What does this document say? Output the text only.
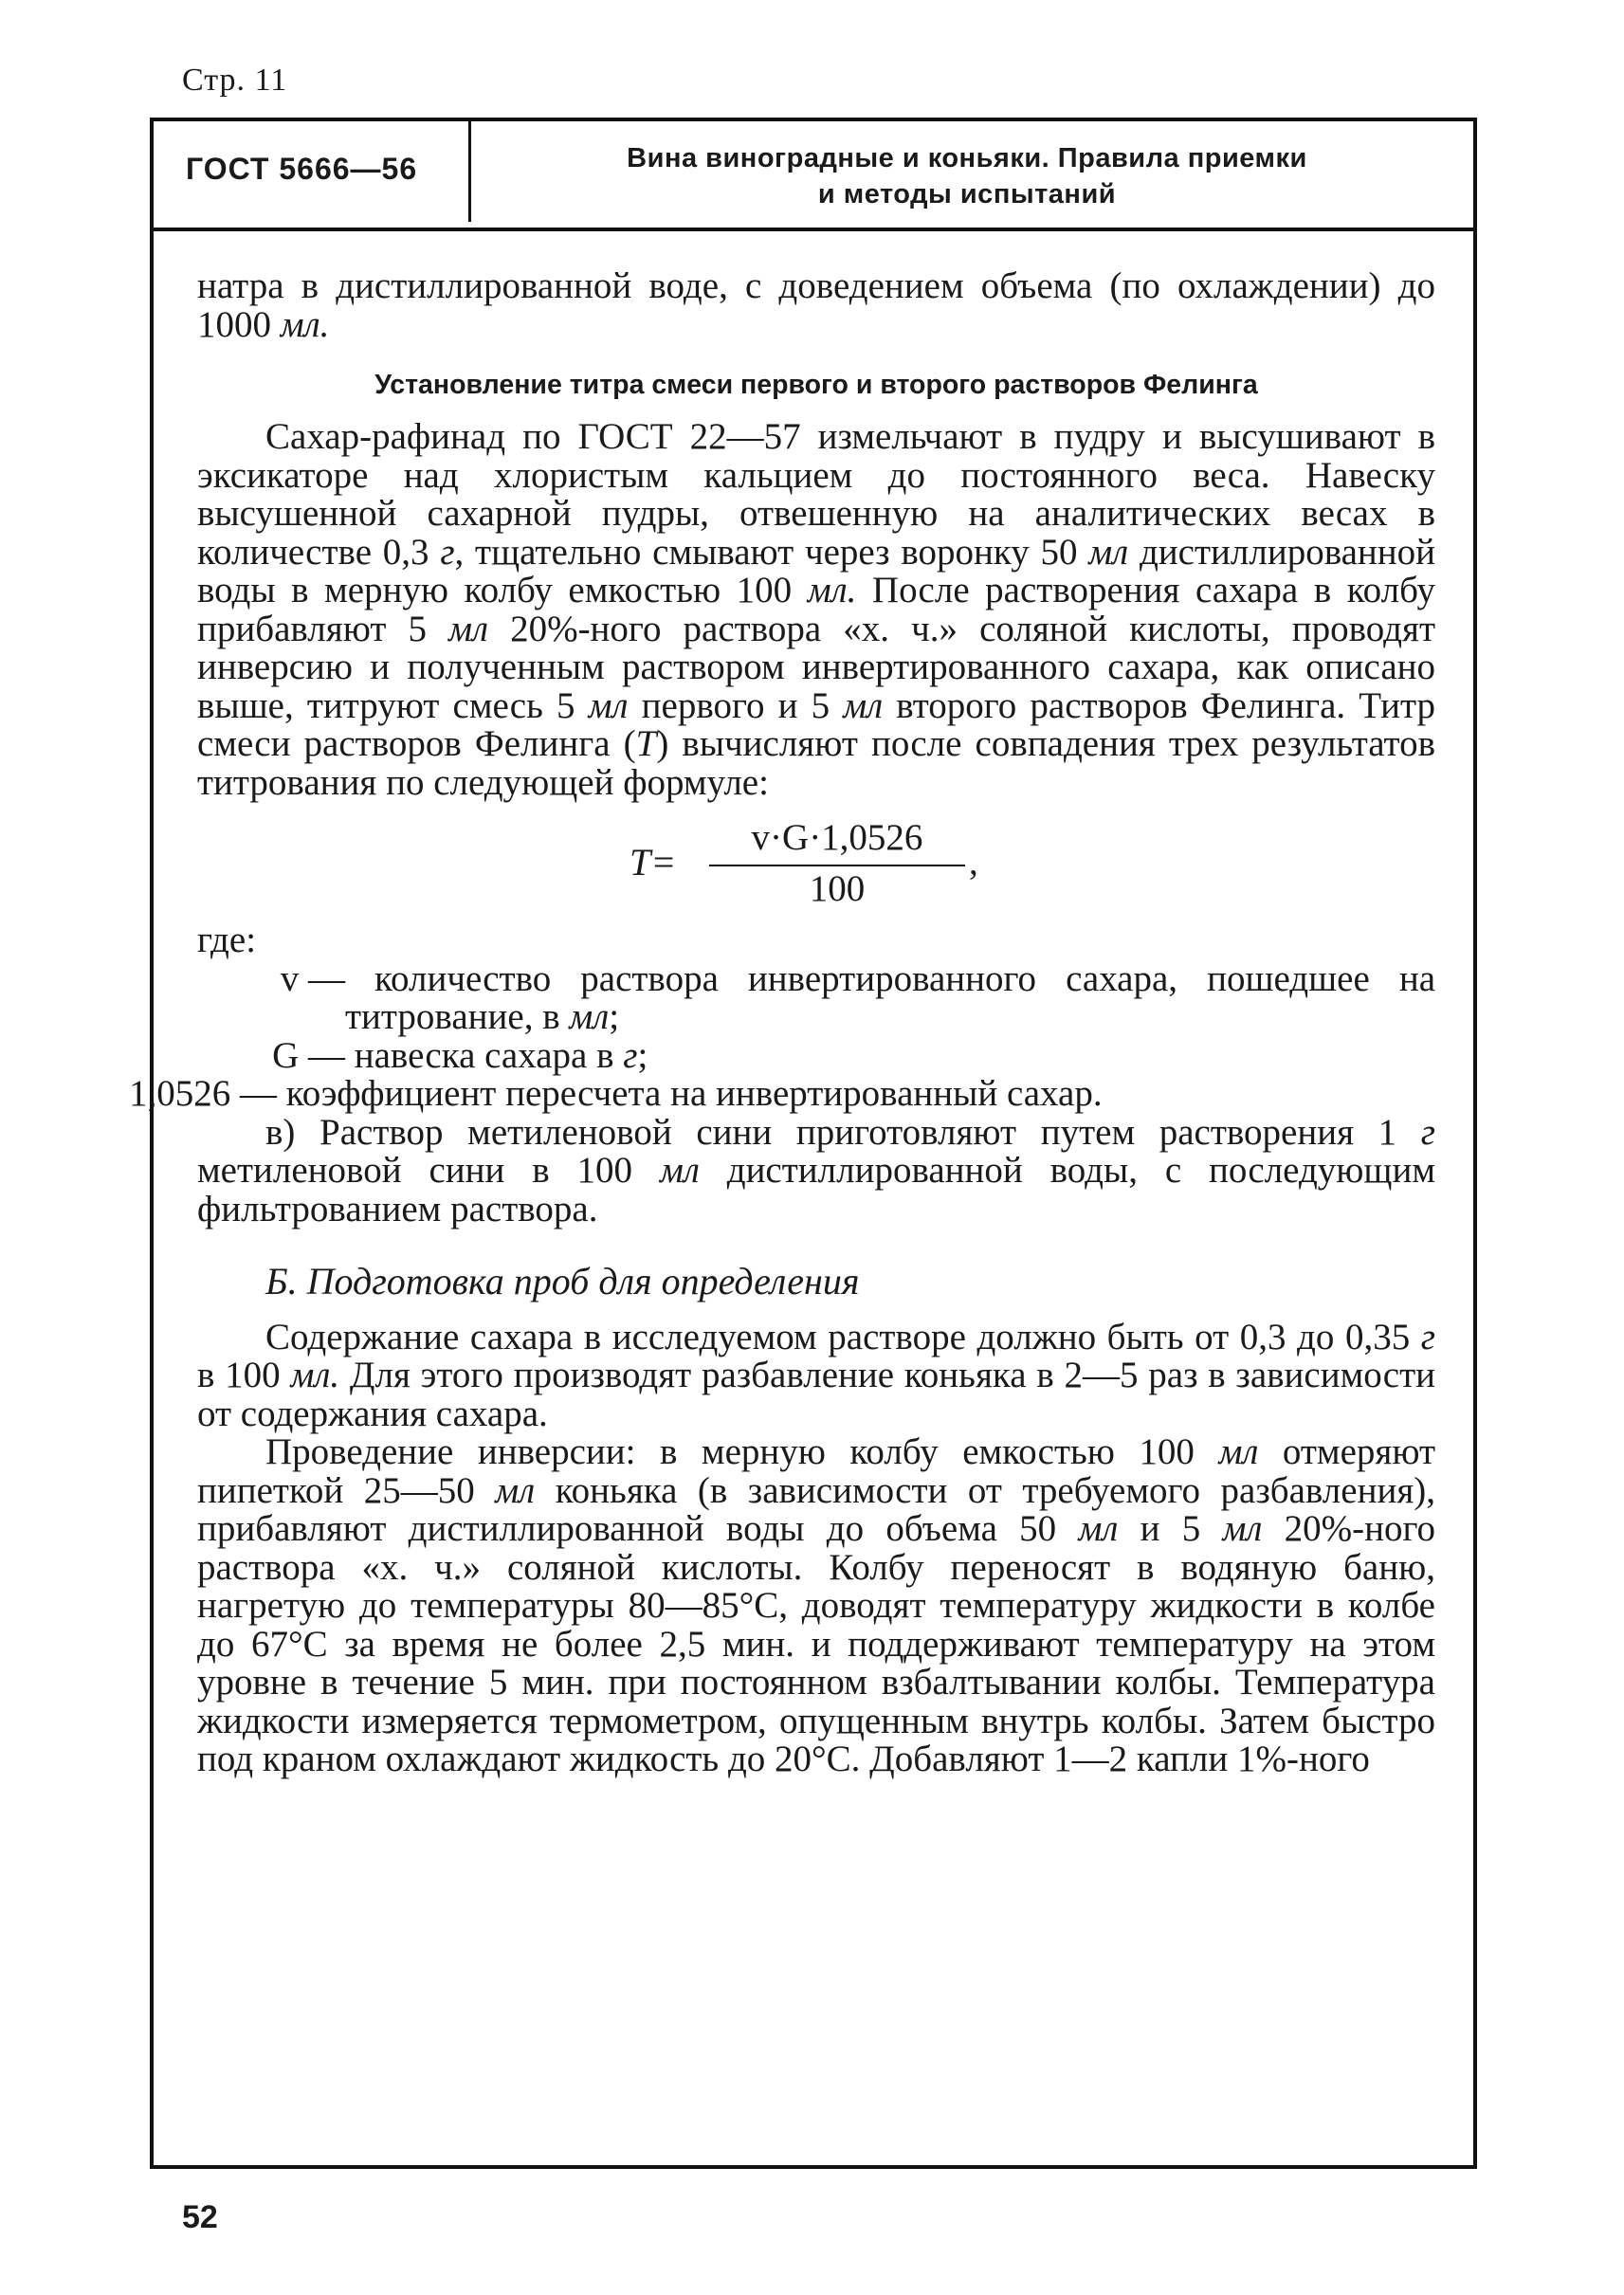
Стр. 11
ГОСТ 5666—56	Вина виноградные и коньяки. Правила приемки
и методы испытаний

натра в дистиллированной воде, с доведением объема (по охлаждении) до 1000 мл.

Установление титра смеси первого и второго растворов Фелинга

Сахар-рафинад по ГОСТ 22—57 измельчают в пудру и высушивают в эксикаторе над хлористым кальцием до постоянного веса. Навеску высушенной сахарной пудры, отвешенную на аналитических весах в количестве 0,3 г, тщательно смывают через воронку 50 мл дистиллированной воды в мерную колбу емкостью 100 мл. После растворения сахара в колбу прибавляют 5 мл 20%-ного раствора «х. ч.» соляной кислоты, проводят инверсию и полученным раствором инвертированного сахара, как описано выше, титруют смесь 5 мл первого и 5 мл второго растворов Фелинга. Титр смеси растворов Фелинга (T) вычисляют после совпадения трех результатов титрования по следующей формуле:

T=
v·G·1,0526
100
,

где:

v — количество раствора инвертированного сахара, пошедшее на титрование, в мл;
G — навеска сахара в г;
1,0526 — коэффициент пересчета на инвертированный сахар.

в) Раствор метиленовой сини приготовляют путем растворения 1 г метиленовой сини в 100 мл дистиллированной воды, с последующим фильтрованием раствора.

Б. Подготовка проб для определения

Содержание сахара в исследуемом растворе должно быть от 0,3 до 0,35 г в 100 мл. Для этого производят разбавление коньяка в 2—5 раз в зависимости от содержания сахара.

Проведение инверсии: в мерную колбу емкостью 100 мл отмеряют пипеткой 25—50 мл коньяка (в зависимости от требуемого разбавления), прибавляют дистиллированной воды до объема 50 мл и 5 мл 20%-ного раствора «х. ч.» соляной кислоты. Колбу переносят в водяную баню, нагретую до температуры 80—85°С, доводят температуру жидкости в колбе до 67°С за время не более 2,5 мин. и поддерживают температуру на этом уровне в течение 5 мин. при постоянном взбалтывании колбы. Температура жидкости измеряется термометром, опущенным внутрь колбы. Затем быстро под краном охлаждают жидкость до 20°С. Добавляют 1—2 капли 1%-ного

52
